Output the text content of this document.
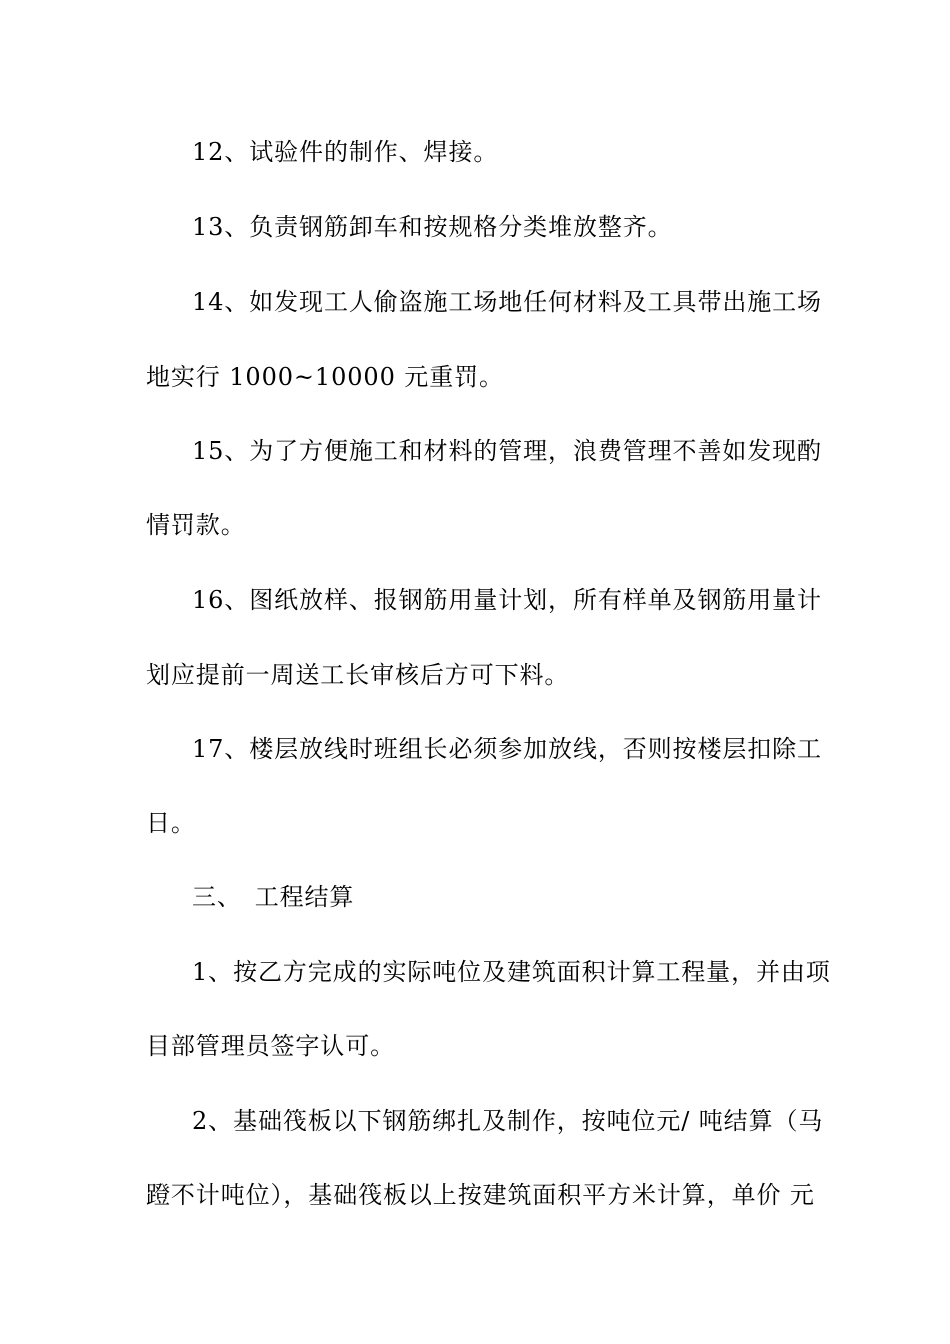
12、试验件的制作、焊接。
13、负责钢筋卸车和按规格分类堆放整齐。
14、如发现工人偷盗施工场地任何材料及工具带出施工场
地实行 1000~10000 元重罚。
15、为了方便施工和材料的管理，浪费管理不善如发现酌
情罚款。
16、图纸放样、报钢筋用量计划，所有样单及钢筋用量计
划应提前一周送工长审核后方可下料。
17、楼层放线时班组长必须参加放线，否则按楼层扣除工
日。
三、　工程结算
1、按乙方完成的实际吨位及建筑面积计算工程量，并由项
目部管理员签字认可。
2、基础筏板以下钢筋绑扎及制作，按吨位元/ 吨结算（马
蹬不计吨位），基础筏板以上按建筑面积平方米计算，单价 元
